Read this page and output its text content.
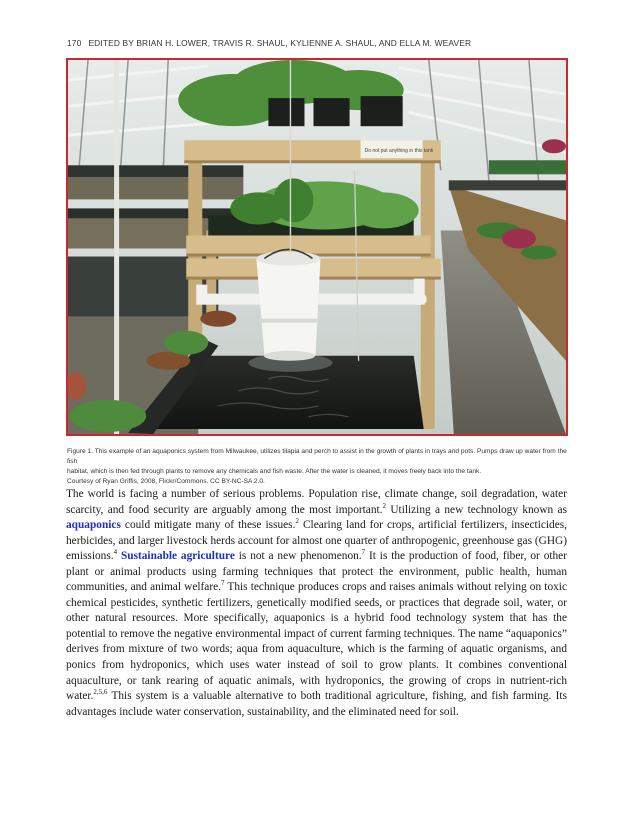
170 EDITED BY BRIAN H. LOWER, TRAVIS R. SHAUL, KYLIENNE A. SHAUL, AND ELLA M. WEAVER
Do not put anything in this tank

Figure 1. This example of an aquaponics system from Milwaukee, utilizes tilapia and perch to assist in the growth of plants in trays and pots. Pumps draw up water from the fish

habitat, which is then fed through plants to remove any chemicals and fish waste. After the water is cleaned, it moves freely back into the tank.

Courtesy of Ryan Griffis, 2008, Flickr/Commons. CC BY-NC-SA 2.0.

The world is facing a number of serious problems. Population rise, climate change, soil degradation, water scarcity, and food security are arguably among the most important.$^2$ Utilizing a new technology known as aquaponics could mitigate many of these issues.$^2$ Clearing land for crops, artificial fertilizers, insecticides, herbicides, and larger livestock herds account for almost one quarter of anthropogenic, greenhouse gas (GHG) emissions.$^4$ Sustainable agriculture is not a new phenomenon.$^7$ It is the production of food, fiber, or other plant or animal products using farming techniques that protect the environment, public health, human communities, and animal welfare.$^7$ This technique produces crops and raises animals without relying on toxic chemical pesticides, synthetic fertilizers, genetically modified seeds, or practices that degrade soil, water, or other natural resources. More specifically, aquaponics is a hybrid food technology system that has the potential to remove the negative environmental impact of current farming techniques. The name “aquaponics” derives from mixture of two words; aqua from aquaculture, which is the farming of aquatic organisms, and ponics from hydroponics, which uses water instead of soil to grow plants. It combines conventional aquaculture, or tank rearing of aquatic animals, with hydroponics, the growing of crops in nutrient-rich water.$^{2,5,6}$ This system is a valuable alternative to both traditional agriculture, fishing, and fish farming. Its advantages include water conservation, sustainability, and the eliminated need for soil.
